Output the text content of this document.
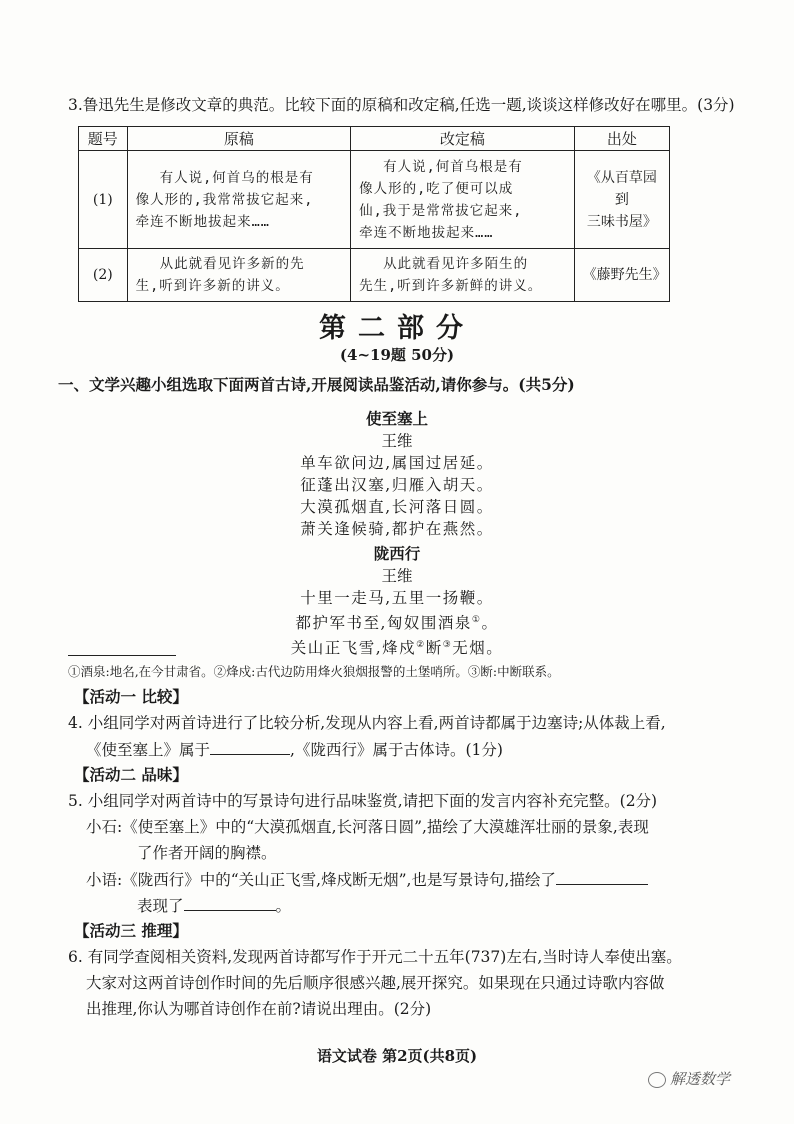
3.鲁迅先生是修改文章的典范。比较下面的原稿和改定稿,任选一题,谈谈这样修改好在哪里。(3分)
题号	原稿	改定稿	出处
(1)	有人说,何首乌的根是有
像人形的,我常常拔它起来,
牵连不断地拔起来……	有人说,何首乌根是有
像人形的,吃了便可以成
仙,我于是常常拔它起来,
牵连不断地拔起来……	《从百草园到
三味书屋》

(2)	从此就看见许多新的先
生,听到许多新的讲义。	从此就看见许多陌生的
先生,听到许多新鲜的讲义。	《藤野先生》
第二部分
(4~19题 50分)
一、文学兴趣小组选取下面两首古诗,开展阅读品鉴活动,请你参与。(共5分)
使至塞上
王维
单车欲问边,属国过居延。
征蓬出汉塞,归雁入胡天。
大漠孤烟直,长河落日圆。
萧关逢候骑,都护在燕然。
陇西行
王维
十里一走马,五里一扬鞭。
都护军书至,匈奴围酒泉①。
关山正飞雪,烽戍②断③无烟。
①酒泉:地名,在今甘肃省。②烽戍:古代边防用烽火狼烟报警的土堡哨所。③断:中断联系。
【活动一 比较】
4. 小组同学对两首诗进行了比较分析,发现从内容上看,两首诗都属于边塞诗;从体裁上看,
《使至塞上》属于	,《陇西行》属于古体诗。(1分)
【活动二 品味】
5. 小组同学对两首诗中的写景诗句进行品味鉴赏,请把下面的发言内容补充完整。(2分)
小石:《使至塞上》中的“大漠孤烟直,长河落日圆”,描绘了大漠雄浑壮丽的景象,表现
了作者开阔的胸襟。
小语:《陇西行》中的“关山正飞雪,烽戍断无烟”,也是写景诗句,描绘了
表现了	。
【活动三 推理】
6. 有同学查阅相关资料,发现两首诗都写作于开元二十五年(737)左右,当时诗人奉使出塞。
大家对这两首诗创作时间的先后顺序很感兴趣,展开探究。如果现在只通过诗歌内容做
出推理,你认为哪首诗创作在前?请说出理由。(2分)
语文试卷 第2页(共8页)
解透数学
